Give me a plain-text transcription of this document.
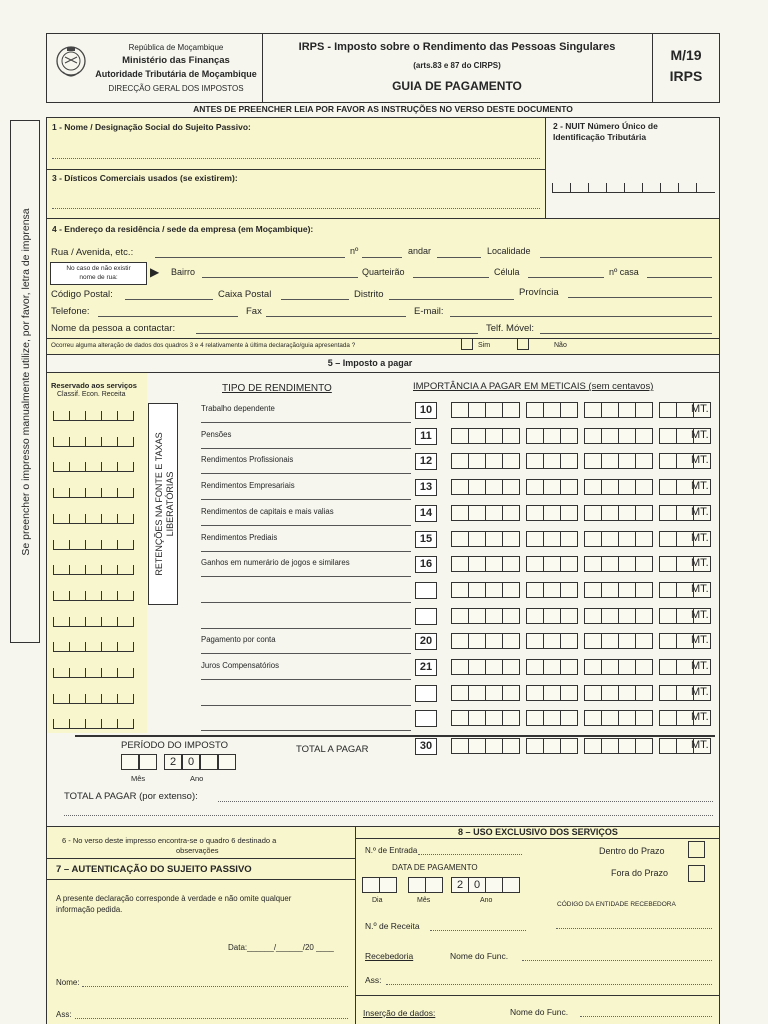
Se preencher o impresso manualmente utilize, por favor, letra de imprensa
República de Moçambique
Ministério das Finanças
Autoridade Tributária de Moçambique
DIRECÇÃO GERAL DOS IMPOSTOS
IRPS - Imposto sobre o Rendimento das Pessoas Singulares
(arts.83 e 87 do CIRPS)
GUIA DE PAGAMENTO
M/19
IRPS
ANTES DE PREENCHER LEIA POR FAVOR AS INSTRUÇÕES NO VERSO DESTE DOCUMENTO
1 - Nome / Designação Social do Sujeito Passivo:
3 - Dísticos Comerciais usados (se existirem):
2 - NUIT Número Único de
Identificação Tributária
4 - Endereço da residência / sede da empresa (em Moçambique):
Rua / Avenida, etc.:	nº	andar	Localidade
No caso de não existir
nome de rua:	▶ Bairro	Quarteirão	Célula	nº casa
Código Postal:	Caixa Postal	Distrito	Província
Telefone:	Fax	E-mail:
Nome da pessoa a contactar:	Telf. Móvel:
Ocorreu alguma alteração de dados dos quadros 3 e 4 relativamente à última declaração/guia apresentada ?	Sim	Não
5 – Imposto a pagar
Reservado aos serviços
Classif. Econ. Receita
RETENÇÕES NA FONTE E TAXAS LIBERATÓRIAS
TIPO DE RENDIMENTO	IMPORTÂNCIA A PAGAR EM METICAIS (sem centavos)
Trabalho dependente	10	MT.
Pensões	11	MT.
Rendimentos Profissionais	12	MT.
Rendimentos Empresariais	13	MT.
Rendimentos de capitais e mais valias	14	MT.
Rendimentos Prediais	15	MT.
Ganhos em numerário de jogos e similares	16	MT.
MT.
MT.
Pagamento por conta	20	MT.
Juros Compensatórios	21	MT.
MT.
MT.
30	MT.
2	0
PERÍODO DO IMPOSTO	TOTAL A PAGAR
Mês	Ano
TOTAL A PAGAR (por extenso):
6 - No verso deste impresso encontra-se o quadro 6 destinado a
observações
7 – AUTENTICAÇÃO DO SUJEITO PASSIVO
A presente declaração corresponde à verdade e não omite qualquer
informação pedida.
Data:______/______/20 ____
Nome:
Ass:
8 – USO EXCLUSIVO DOS SERVIÇOS
N.º de Entrada	Dentro do Prazo
DATA DE PAGAMENTO
Fora do Prazo
2 0
Dia	Mês	Ano
CÓDIGO DA ENTIDADE RECEBEDORA
N.º de Receita
Recebedoria	Nome do Func.
Ass:
Inserção de dados:	Nome do Func.
